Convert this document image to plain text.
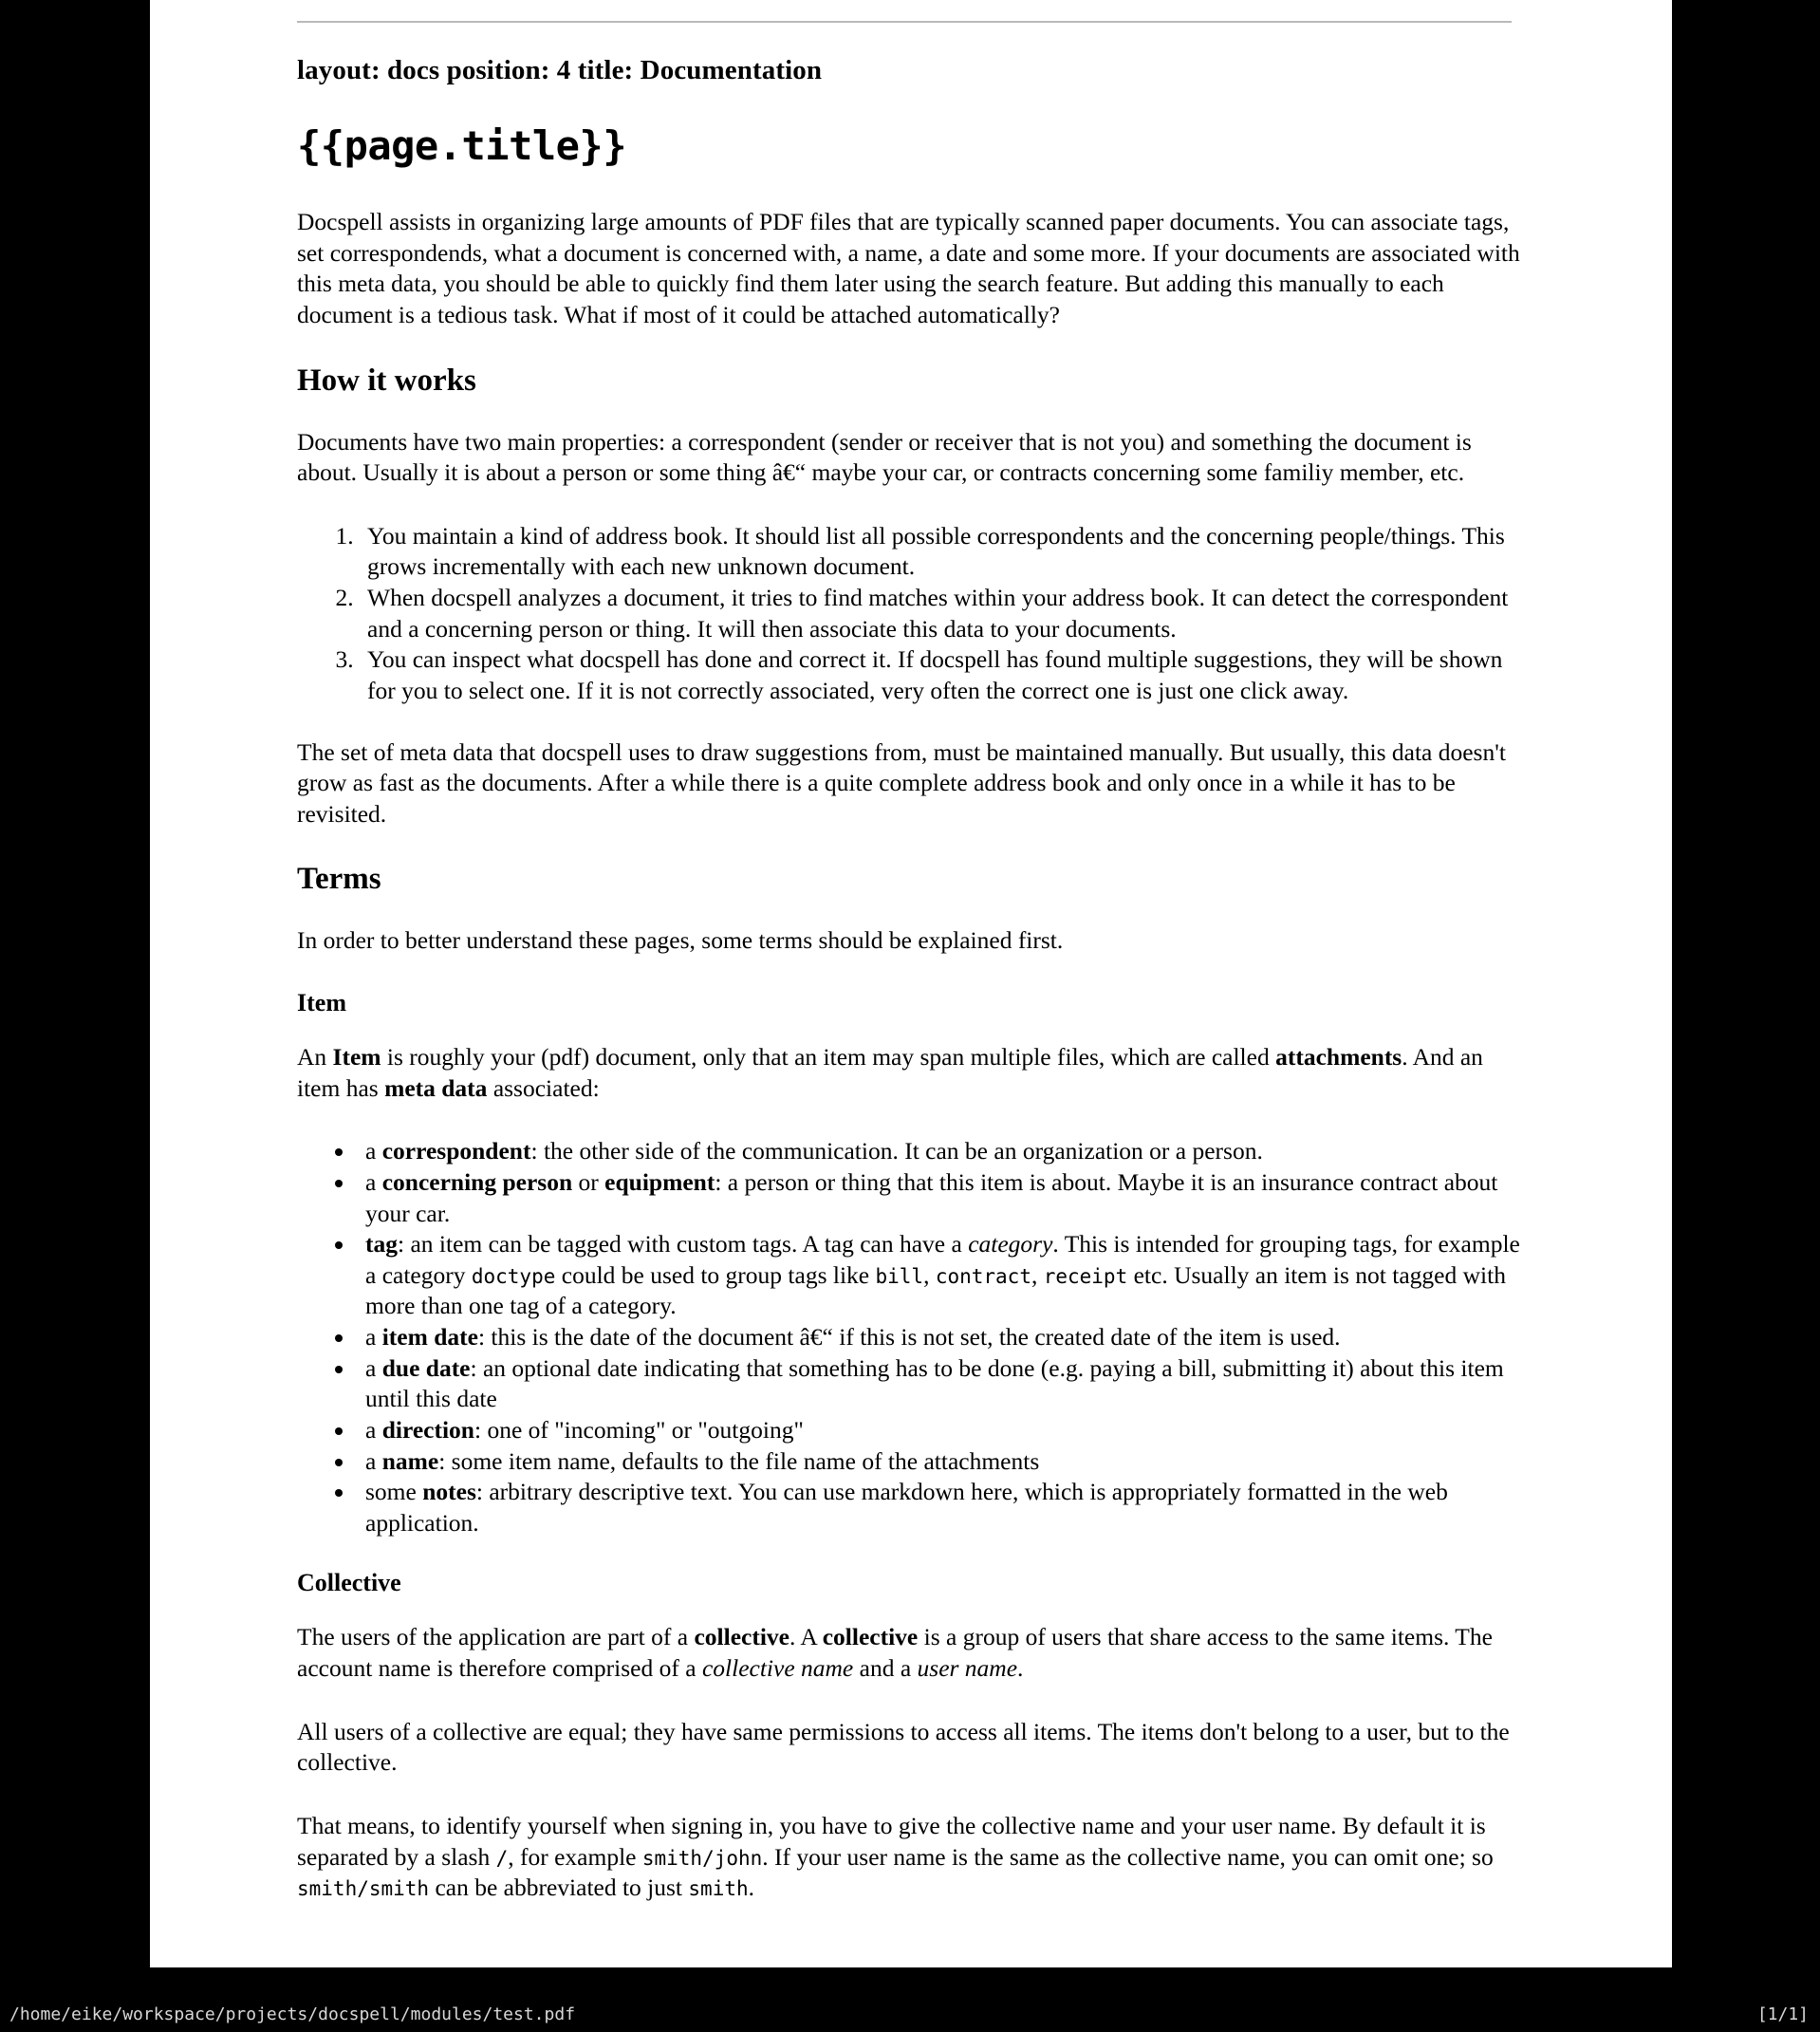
layout: docs position: 4 title: Documentation
{{page.title}}

Docspell assists in organizing large amounts of PDF files that are typically scanned paper documents. You can associate tags, set correspondends, what a document is concerned with, a name, a date and some more. If your documents are associated with this meta data, you should be able to quickly find them later using the search feature. But adding this manually to each document is a tedious task. What if most of it could be attached automatically?

How it works

Documents have two main properties: a correspondent (sender or receiver that is not you) and something the document is about. Usually it is about a person or some thing â€“ maybe your car, or contracts concerning some familiy member, etc.

1. You maintain a kind of address book. It should list all possible correspondents and the concerning people/things. This grows incrementally with each new unknown document.
2. When docspell analyzes a document, it tries to find matches within your address book. It can detect the correspondent and a concerning person or thing. It will then associate this data to your documents.
3. You can inspect what docspell has done and correct it. If docspell has found multiple suggestions, they will be shown for you to select one. If it is not correctly associated, very often the correct one is just one click away.

The set of meta data that docspell uses to draw suggestions from, must be maintained manually. But usually, this data doesn't grow as fast as the documents. After a while there is a quite complete address book and only once in a while it has to be revisited.

Terms

In order to better understand these pages, some terms should be explained first.

Item

An Item is roughly your (pdf) document, only that an item may span multiple files, which are called attachments. And an item has meta data associated:

• a correspondent: the other side of the communication. It can be an organization or a person.
• a concerning person or equipment: a person or thing that this item is about. Maybe it is an insurance contract about your car.
• tag: an item can be tagged with custom tags. A tag can have a category. This is intended for grouping tags, for example a category doctype could be used to group tags like bill, contract, receipt etc. Usually an item is not tagged with more than one tag of a category.
• a item date: this is the date of the document â€“ if this is not set, the created date of the item is used.
• a due date: an optional date indicating that something has to be done (e.g. paying a bill, submitting it) about this item until this date
• a direction: one of "incoming" or "outgoing"
• a name: some item name, defaults to the file name of the attachments
• some notes: arbitrary descriptive text. You can use markdown here, which is appropriately formatted in the web application.
Collective

The users of the application are part of a collective. A collective is a group of users that share access to the same items. The account name is therefore comprised of a collective name and a user name.

All users of a collective are equal; they have same permissions to access all items. The items don't belong to a user, but to the collective.

That means, to identify yourself when signing in, you have to give the collective name and your user name. By default it is separated by a slash /, for example smith/john. If your user name is the same as the collective name, you can omit one; so smith/smith can be abbreviated to just smith.

/home/eike/workspace/projects/docspell/modules/test.pdf	[1/1]
